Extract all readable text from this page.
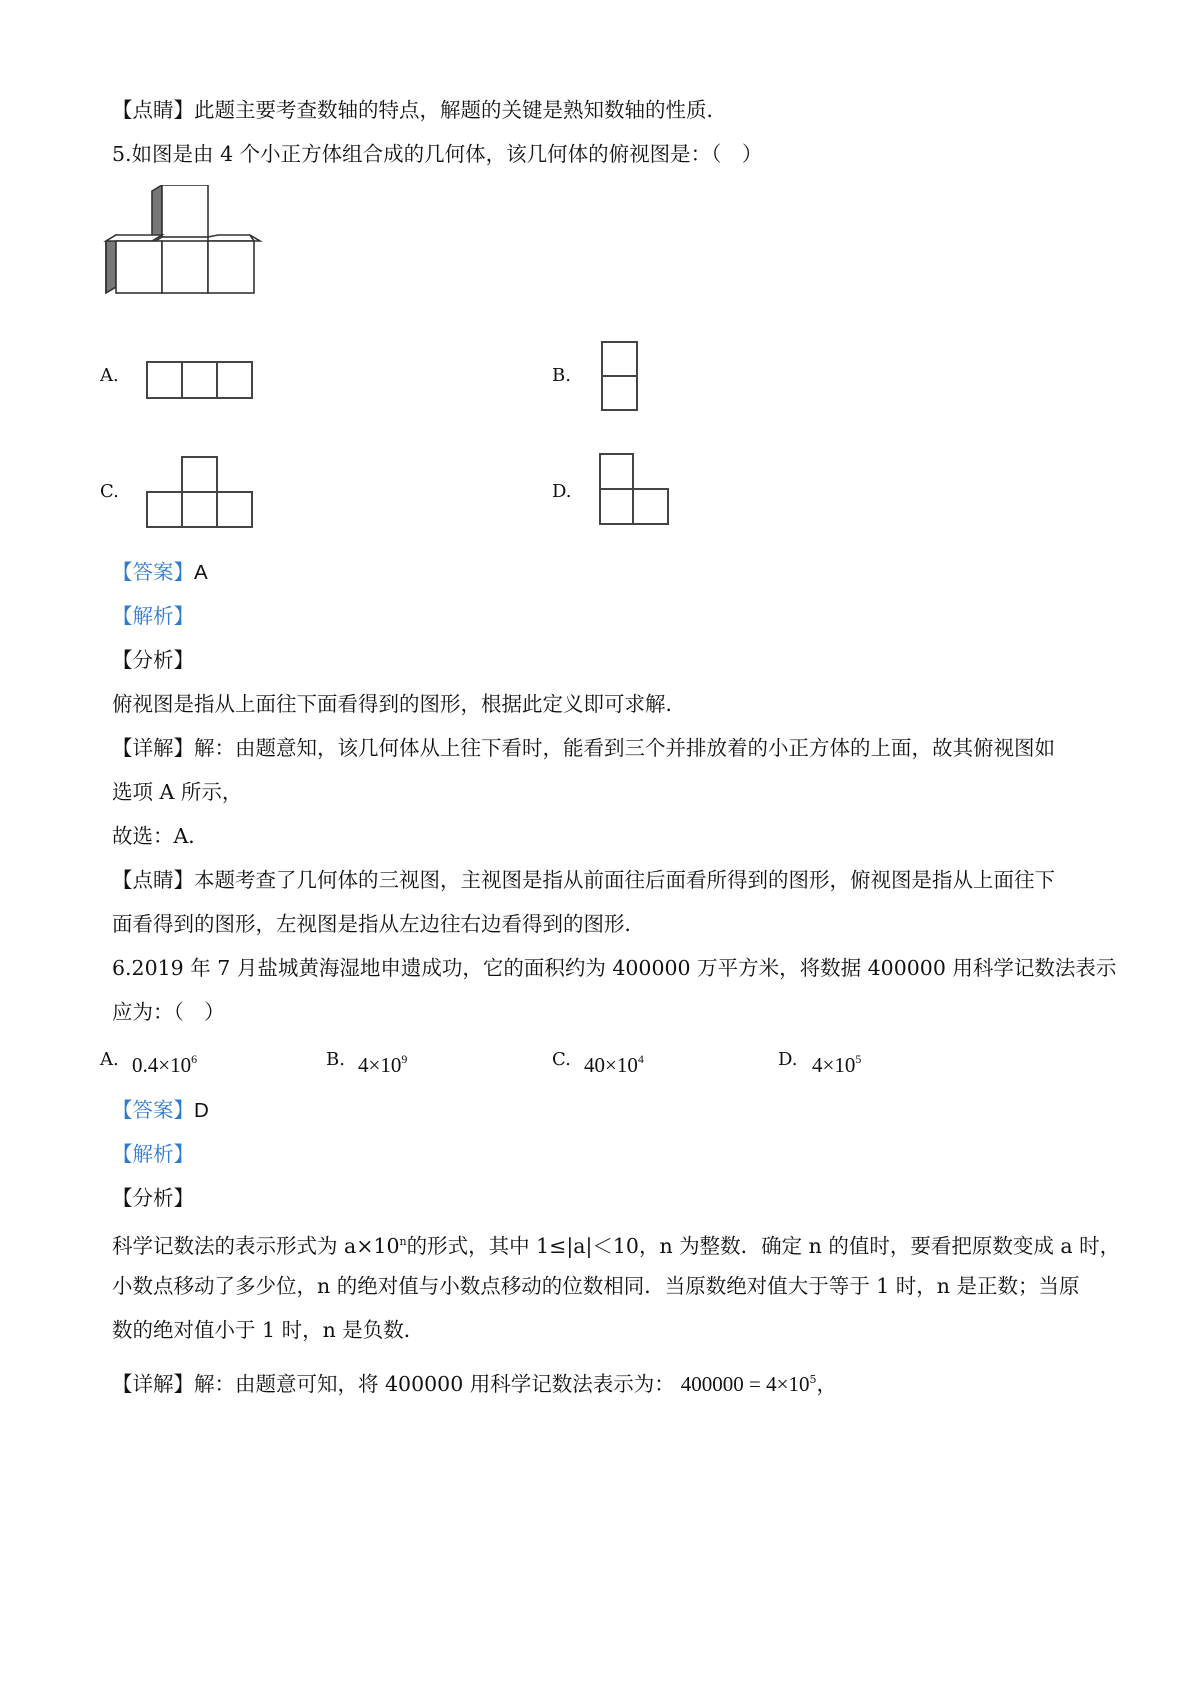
【点睛】此题主要考查数轴的特点，解题的关键是熟知数轴的性质．
5.如图是由 4 个小正方体组合成的几何体，该几何体的俯视图是：（　）
A.	B.
C.	D.
【答案】A
【解析】
【分析】
俯视图是指从上面往下面看得到的图形，根据此定义即可求解．
【详解】解：由题意知，该几何体从上往下看时，能看到三个并排放着的小正方体的上面，故其俯视图如
选项 A 所示，
故选：A．
【点睛】本题考查了几何体的三视图，主视图是指从前面往后面看所得到的图形，俯视图是指从上面往下
面看得到的图形，左视图是指从左边往右边看得到的图形．
6.2019 年 7 月盐城黄海湿地申遗成功，它的面积约为 400000 万平方米，将数据 400000 用科学记数法表示
应为：（　）
A. $0.4\times 10^6$	B. $4\times 10^9$	C. $40\times 10^4$	D. $4\times 10^5$
【答案】D
【解析】
【分析】
科学记数法的表示形式为 $a\times 10^n$的形式，其中 1≤|a|＜10，n 为整数．确定 n 的值时，要看把原数变成 a 时，
小数点移动了多少位，n 的绝对值与小数点移动的位数相同．当原数绝对值大于等于 1 时，n 是正数；当原
数的绝对值小于 1 时，n 是负数．
【详解】解：由题意可知，将 400000 用科学记数法表示为： $400000 = 4\times 10^5$，
